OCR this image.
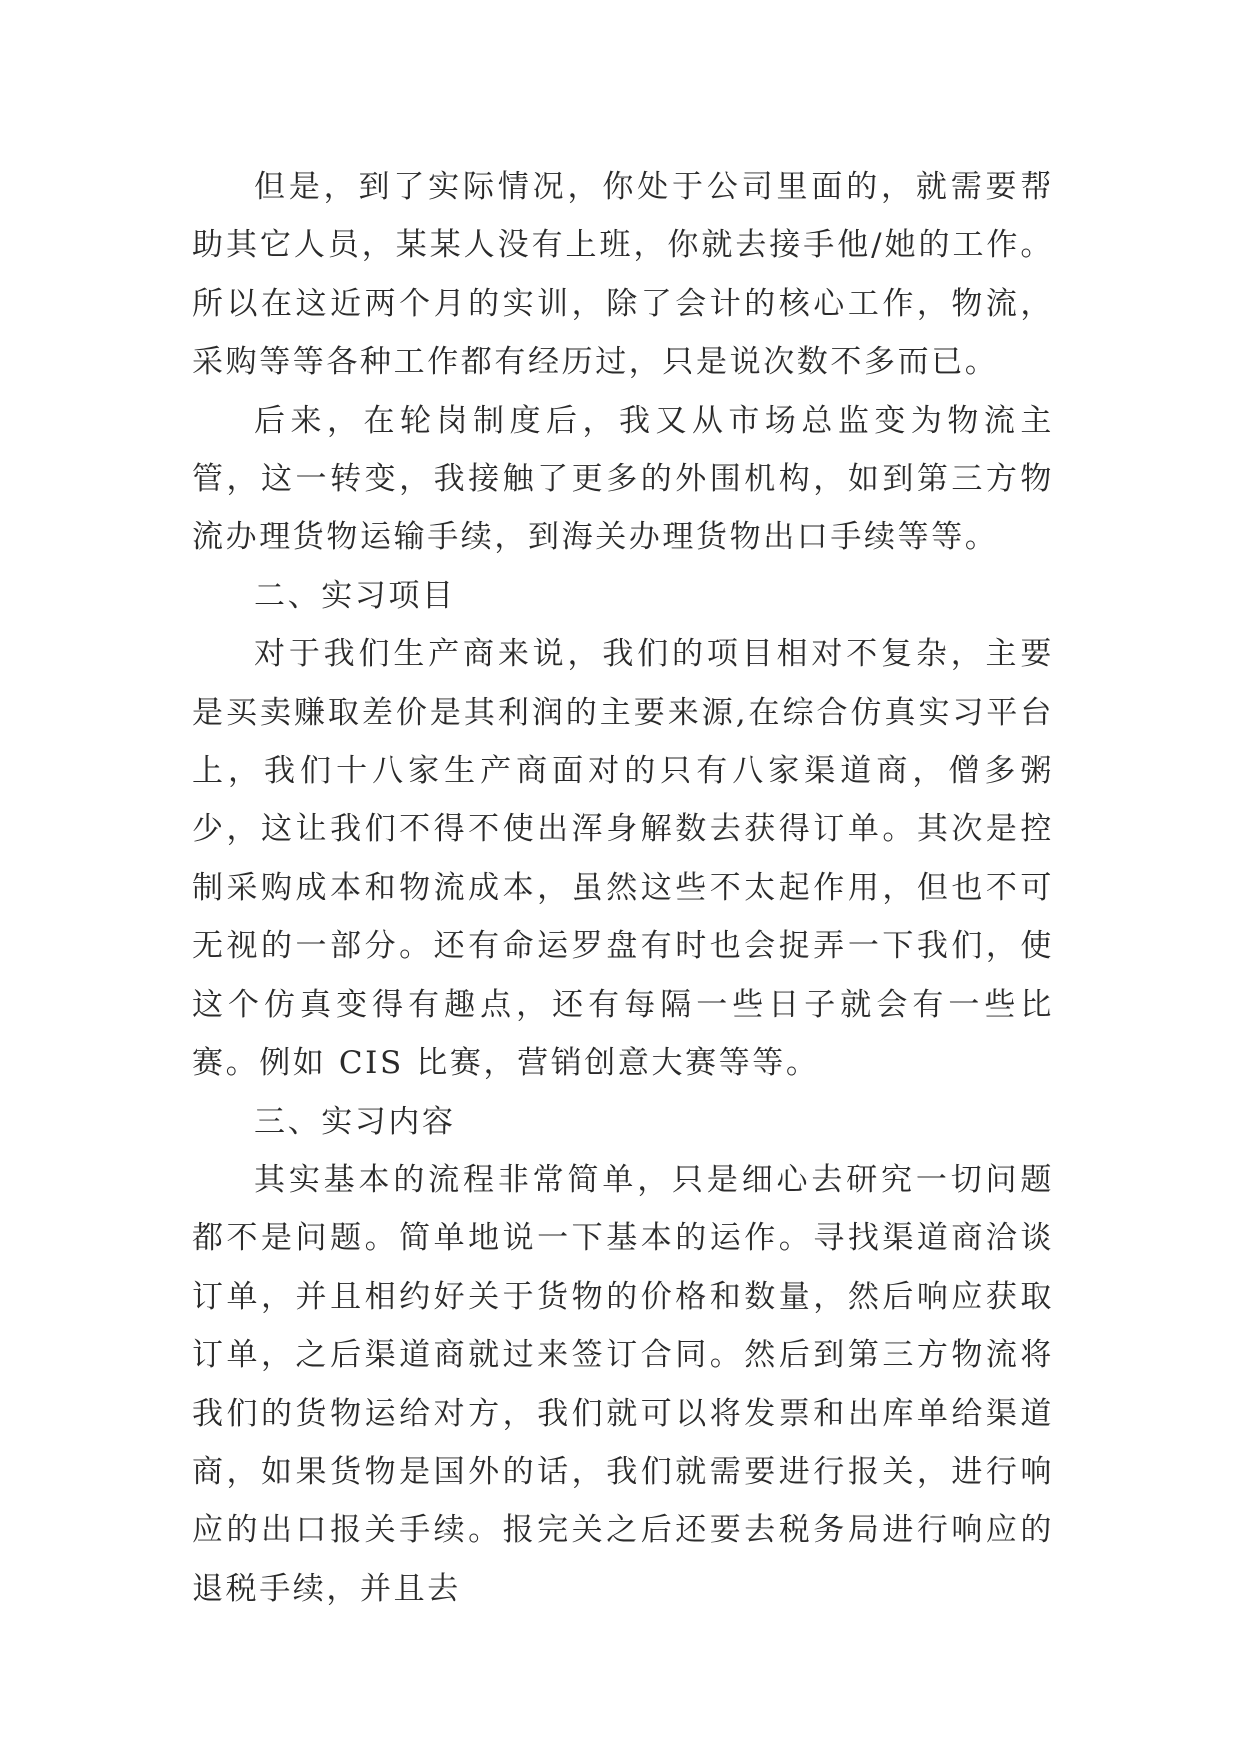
但是，到了实际情况，你处于公司里面的，就需要帮助其它人员，某某人没有上班，你就去接手他/她的工作。所以在这近两个月的实训，除了会计的核心工作，物流，采购等等各种工作都有经历过，只是说次数不多而已。

后来，在轮岗制度后，我又从市场总监变为物流主管，这一转变，我接触了更多的外围机构，如到第三方物流办理货物运输手续，到海关办理货物出口手续等等。

二、实习项目

对于我们生产商来说，我们的项目相对不复杂，主要是买卖赚取差价是其利润的主要来源,在综合仿真实习平台上，我们十八家生产商面对的只有八家渠道商，僧多粥少，这让我们不得不使出浑身解数去获得订单。其次是控制采购成本和物流成本，虽然这些不太起作用，但也不可无视的一部分。还有命运罗盘有时也会捉弄一下我们，使这个仿真变得有趣点，还有每隔一些日子就会有一些比赛。例如 CIS 比赛，营销创意大赛等等。

三、实习内容

其实基本的流程非常简单，只是细心去研究一切问题都不是问题。简单地说一下基本的运作。寻找渠道商洽谈订单，并且相约好关于货物的价格和数量，然后响应获取订单，之后渠道商就过来签订合同。然后到第三方物流将我们的货物运给对方，我们就可以将发票和出库单给渠道商，如果货物是国外的话，我们就需要进行报关，进行响应的出口报关手续。报完关之后还要去税务局进行响应的退税手续，并且去
